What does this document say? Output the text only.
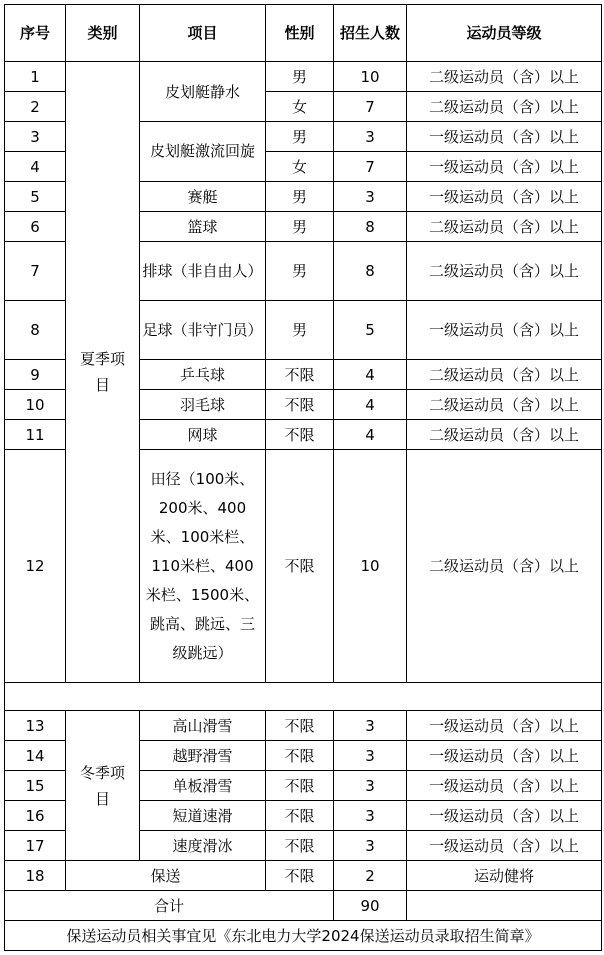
序号	类别	项目	性别	招生人数	运动员等级
1	夏季项目	皮划艇静水	男	10	二级运动员（含）以上
2			女	7	二级运动员（含）以上
3		皮划艇激流回旋	男	3	一级运动员（含）以上
4			女	7	一级运动员（含）以上
5		赛艇	男	3	一级运动员（含）以上
6		篮球	男	8	二级运动员（含）以上
7		排球（非自由人）	男	8	二级运动员（含）以上
8		足球（非守门员）	男	5	一级运动员（含）以上
9		乒乓球	不限	4	二级运动员（含）以上
10		羽毛球	不限	4	二级运动员（含）以上
11		网球	不限	4	二级运动员（含）以上
12		田径（100米、200米、400米、100米栏、110米栏、400米栏、1500米、跳高、跳远、三级跳远）	不限	10	二级运动员（含）以上

13	冬季项目	高山滑雪	不限	3	一级运动员（含）以上
14		越野滑雪	不限	3	一级运动员（含）以上
15		单板滑雪	不限	3	一级运动员（含）以上
16		短道速滑	不限	3	一级运动员（含）以上
17		速度滑冰	不限	3	一级运动员（含）以上
18	保送		不限	2	运动健将
合计				90	
保送运动员相关事宜见《东北电力大学2024保送运动员录取招生简章》					
